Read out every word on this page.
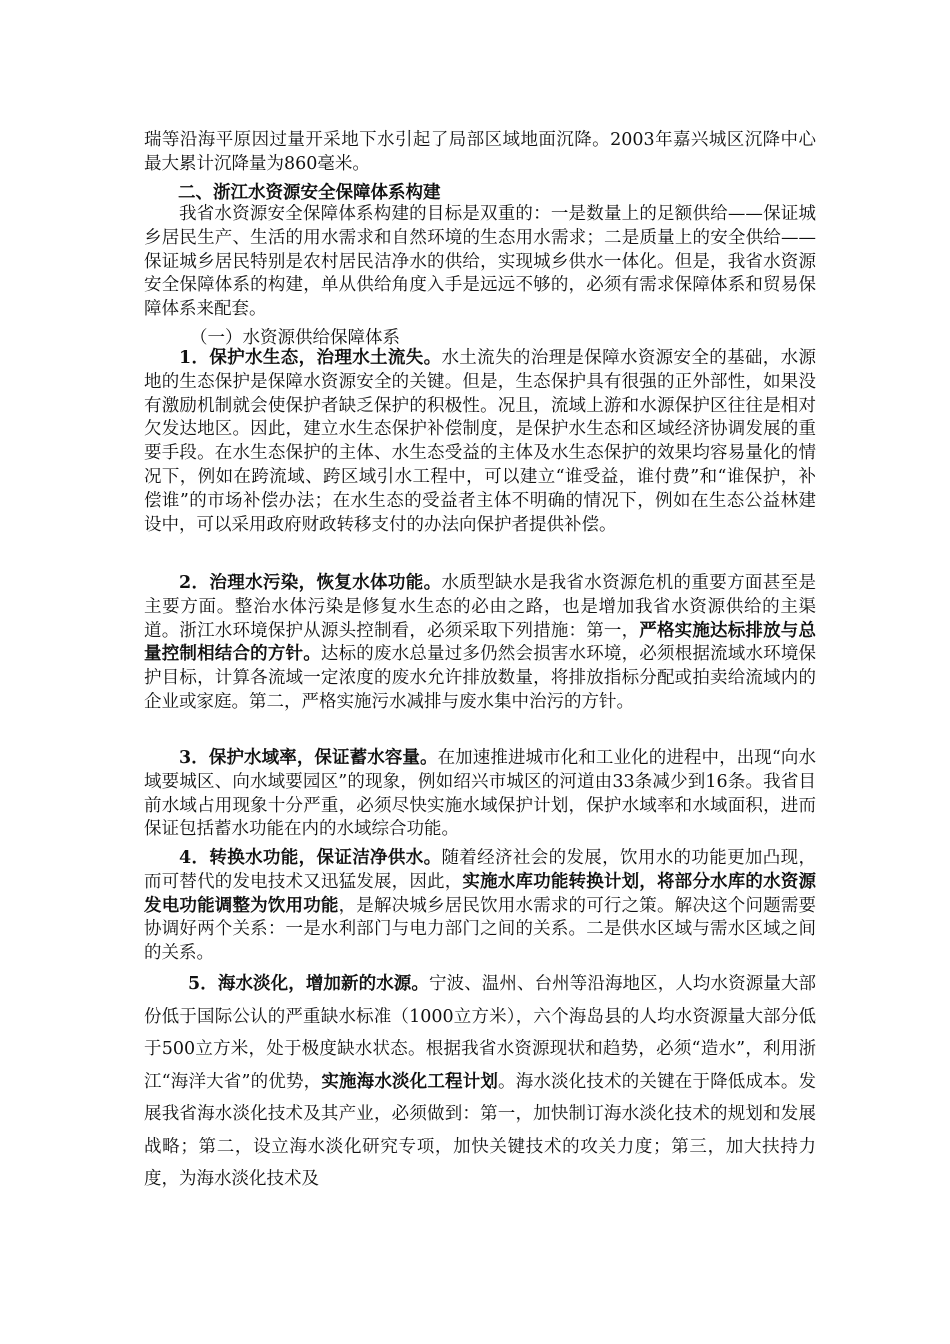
瑞等沿海平原因过量开采地下水引起了局部区域地面沉降。2003年嘉兴城区沉降中心最大累计沉降量为860毫米。

二、浙江水资源安全保障体系构建

我省水资源安全保障体系构建的目标是双重的：一是数量上的足额供给——保证城乡居民生产、生活的用水需求和自然环境的生态用水需求；二是质量上的安全供给——保证城乡居民特别是农村居民洁净水的供给，实现城乡供水一体化。但是，我省水资源安全保障体系的构建，单从供给角度入手是远远不够的，必须有需求保障体系和贸易保障体系来配套。

（一）水资源供给保障体系

1．保护水生态，治理水土流失。水土流失的治理是保障水资源安全的基础，水源地的生态保护是保障水资源安全的关键。但是，生态保护具有很强的正外部性，如果没有激励机制就会使保护者缺乏保护的积极性。况且，流域上游和水源保护区往往是相对欠发达地区。因此，建立水生态保护补偿制度，是保护水生态和区域经济协调发展的重要手段。在水生态保护的主体、水生态受益的主体及水生态保护的效果均容易量化的情况下，例如在跨流域、跨区域引水工程中，可以建立“谁受益，谁付费”和“谁保护，补偿谁”的市场补偿办法；在水生态的受益者主体不明确的情况下，例如在生态公益林建设中，可以采用政府财政转移支付的办法向保护者提供补偿。

2．治理水污染，恢复水体功能。水质型缺水是我省水资源危机的重要方面甚至是主要方面。整治水体污染是修复水生态的必由之路，也是增加我省水资源供给的主渠道。浙江水环境保护从源头控制看，必须采取下列措施：第一，严格实施达标排放与总量控制相结合的方针。达标的废水总量过多仍然会损害水环境，必须根据流域水环境保护目标，计算各流域一定浓度的废水允许排放数量，将排放指标分配或拍卖给流域内的企业或家庭。第二，严格实施污水减排与废水集中治污的方针。

3．保护水域率，保证蓄水容量。在加速推进城市化和工业化的进程中，出现“向水域要城区、向水域要园区”的现象，例如绍兴市城区的河道由33条减少到16条。我省目前水域占用现象十分严重，必须尽快实施水域保护计划，保护水域率和水域面积，进而保证包括蓄水功能在内的水域综合功能。

4．转换水功能，保证洁净供水。随着经济社会的发展，饮用水的功能更加凸现，而可替代的发电技术又迅猛发展，因此，实施水库功能转换计划，将部分水库的水资源发电功能调整为饮用功能，是解决城乡居民饮用水需求的可行之策。解决这个问题需要协调好两个关系：一是水利部门与电力部门之间的关系。二是供水区域与需水区域之间的关系。

5．海水淡化，增加新的水源。宁波、温州、台州等沿海地区，人均水资源量大部份低于国际公认的严重缺水标准（1000立方米），六个海岛县的人均水资源量大部分低于500立方米，处于极度缺水状态。根据我省水资源现状和趋势，必须“造水”，利用浙江“海洋大省”的优势，实施海水淡化工程计划。海水淡化技术的关键在于降低成本。发展我省海水淡化技术及其产业，必须做到：第一，加快制订海水淡化技术的规划和发展战略；第二，设立海水淡化研究专项，加快关键技术的攻关力度；第三，加大扶持力度，为海水淡化技术及
